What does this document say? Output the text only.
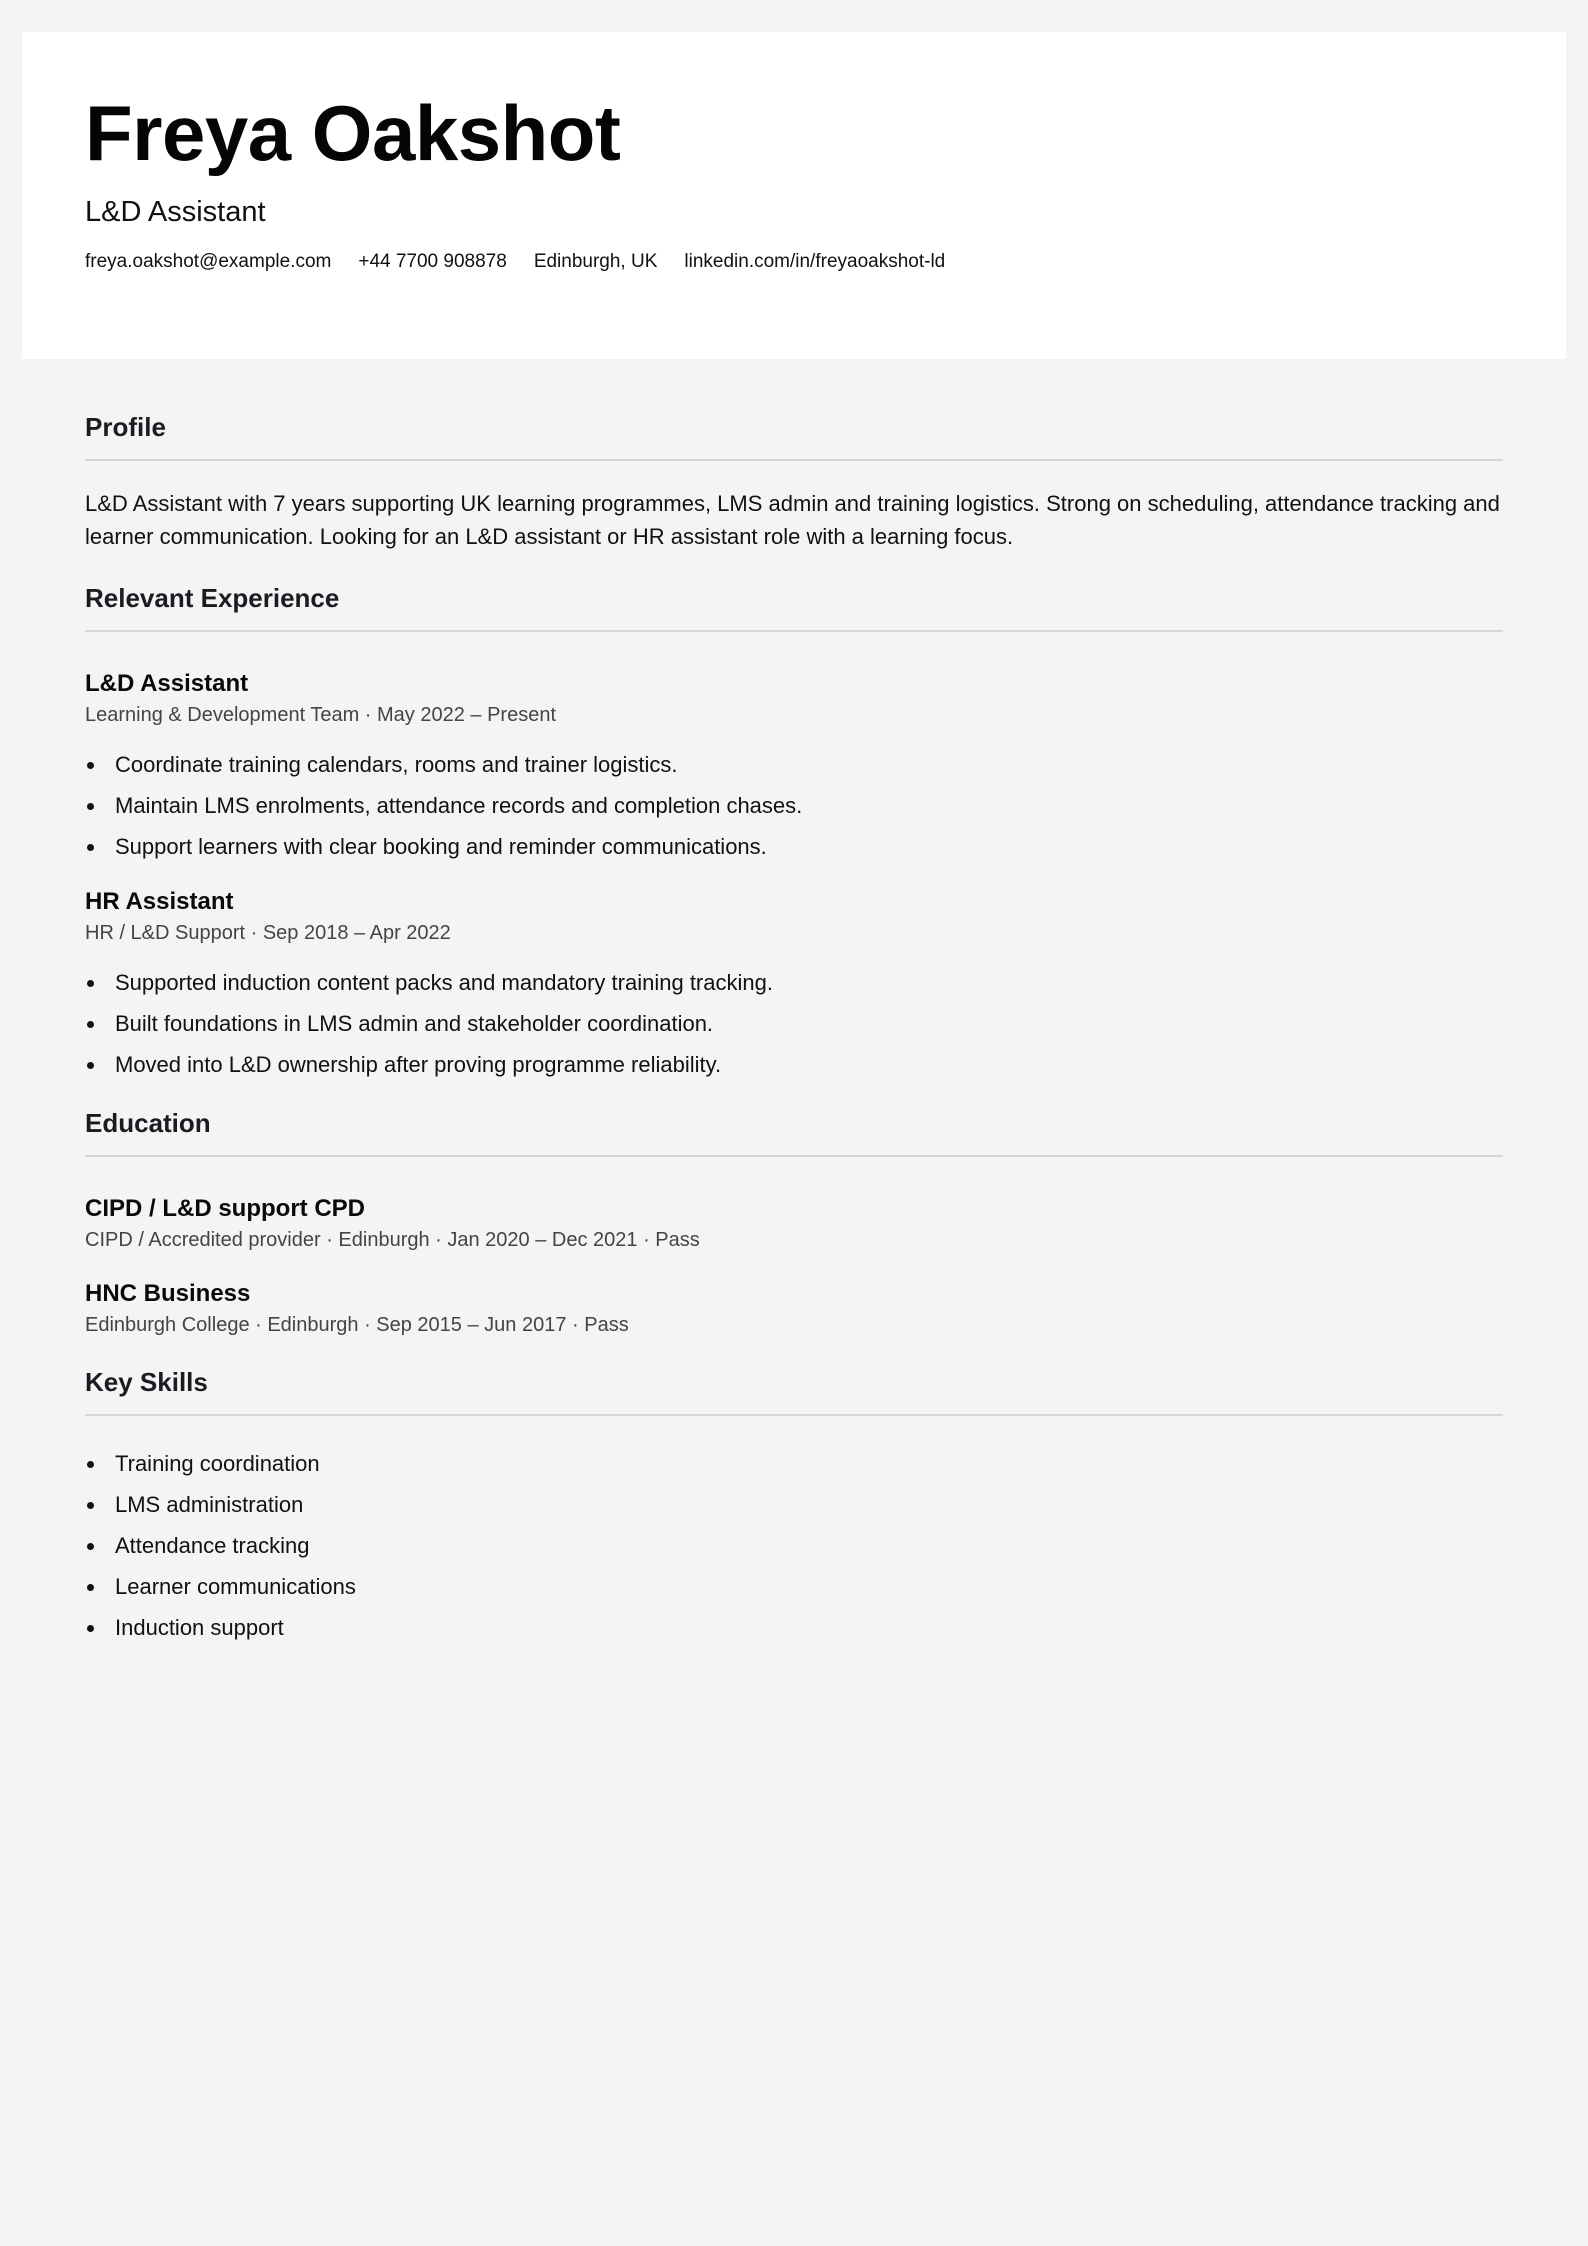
Freya Oakshot
L&D Assistant
freya.oakshot@example.com +44 7700 908878 Edinburgh, UK linkedin.com/in/freyaoakshot-ld
Profile

L&D Assistant with 7 years supporting UK learning programmes, LMS admin and training logistics. Strong on scheduling, attendance tracking and learner communication. Looking for an L&D assistant or HR assistant role with a learning focus.

Relevant Experience
L&D Assistant
Learning & Development Team · May 2022 – Present
Coordinate training calendars, rooms and trainer logistics.
Maintain LMS enrolments, attendance records and completion chases.
Support learners with clear booking and reminder communications.
HR Assistant
HR / L&D Support · Sep 2018 – Apr 2022
Supported induction content packs and mandatory training tracking.
Built foundations in LMS admin and stakeholder coordination.
Moved into L&D ownership after proving programme reliability.
Education
CIPD / L&D support CPD
CIPD / Accredited provider · Edinburgh · Jan 2020 – Dec 2021 · Pass
HNC Business
Edinburgh College · Edinburgh · Sep 2015 – Jun 2017 · Pass
Key Skills
Training coordination
LMS administration
Attendance tracking
Learner communications
Induction support
